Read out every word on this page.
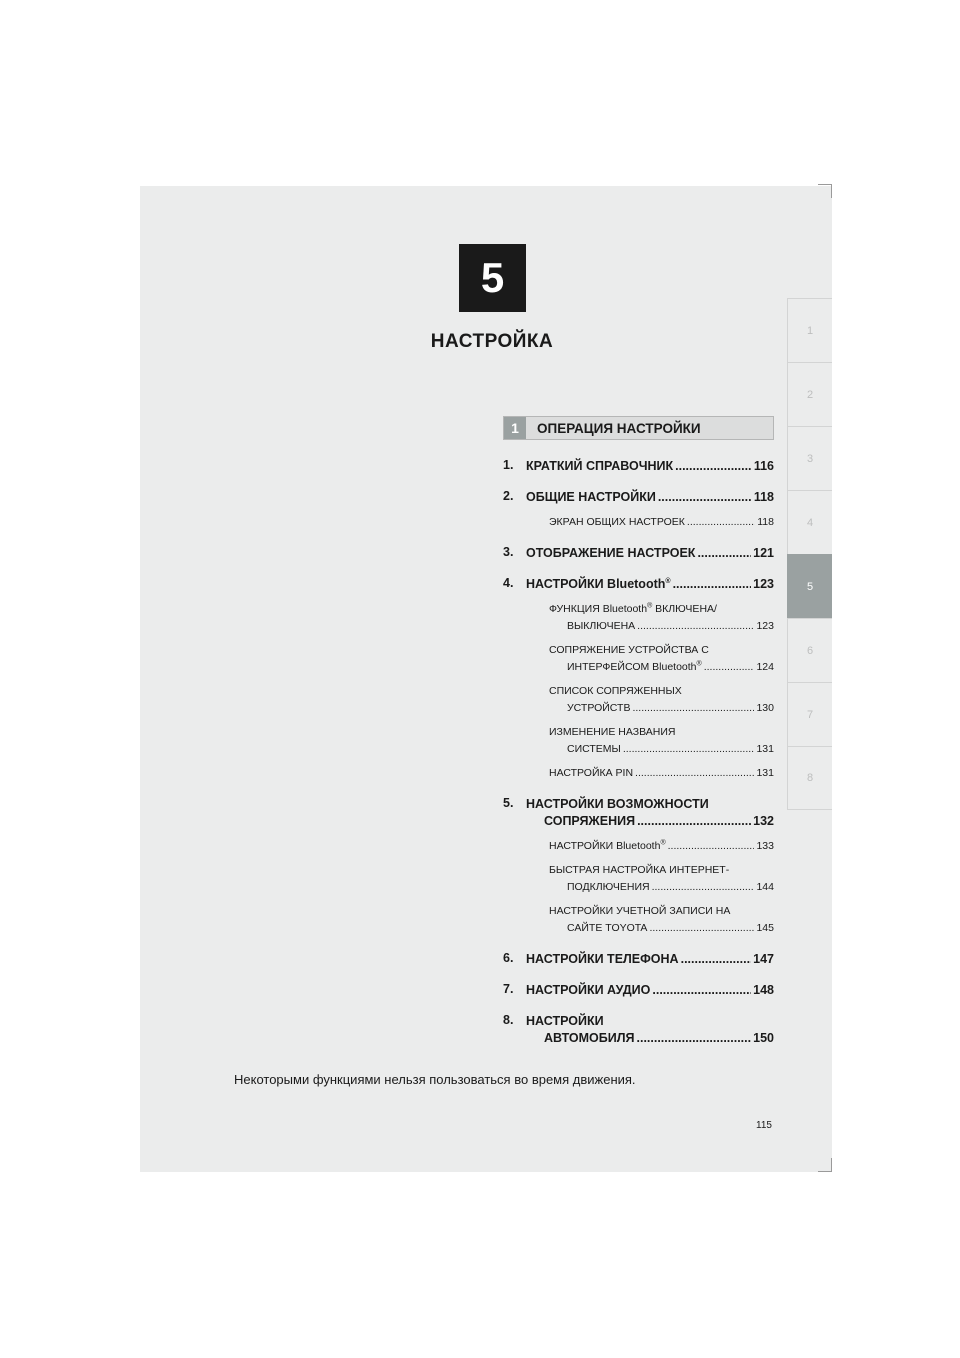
1
2
3
4
5
6
7
8
5
НАСТРОЙКА
1	ОПЕРАЦИЯ НАСТРОЙКИ
1. КРАТКИЙ СПРАВОЧНИК .....	116
2. ОБЩИЕ НАСТРОЙКИ .....	118
ЭКРАН ОБЩИХ НАСТРОЕК .....	118
3. ОТОБРАЖЕНИЕ НАСТРОЕК .....	121
4. НАСТРОЙКИ Bluetooth® .....	123
ФУНКЦИЯ Bluetooth® ВКЛЮЧЕНА/
ВЫКЛЮЧЕНА .....	123
СОПРЯЖЕНИЕ УСТРОЙСТВА С
ИНТЕРФЕЙСОМ Bluetooth® .....	124
СПИСОК СОПРЯЖЕННЫХ
УСТРОЙСТВ .....	130
ИЗМЕНЕНИЕ НАЗВАНИЯ
СИСТЕМЫ .....	131
НАСТРОЙКА PIN .....	131
5.	НАСТРОЙКИ ВОЗМОЖНОСТИ
СОПРЯЖЕНИЯ .....	132
НАСТРОЙКИ Bluetooth® .....	133
БЫСТРАЯ НАСТРОЙКА ИНТЕРНЕТ-
ПОДКЛЮЧЕНИЯ .....	144
НАСТРОЙКИ УЧЕТНОЙ ЗАПИСИ НА
САЙТЕ TOYOTA .....	145
6. НАСТРОЙКИ ТЕЛЕФОНА .....	147
7. НАСТРОЙКИ АУДИО .....	148
8.	НАСТРОЙКИ
АВТОМОБИЛЯ .....	150
Некоторыми функциями нельзя пользоваться во время движения.
115
